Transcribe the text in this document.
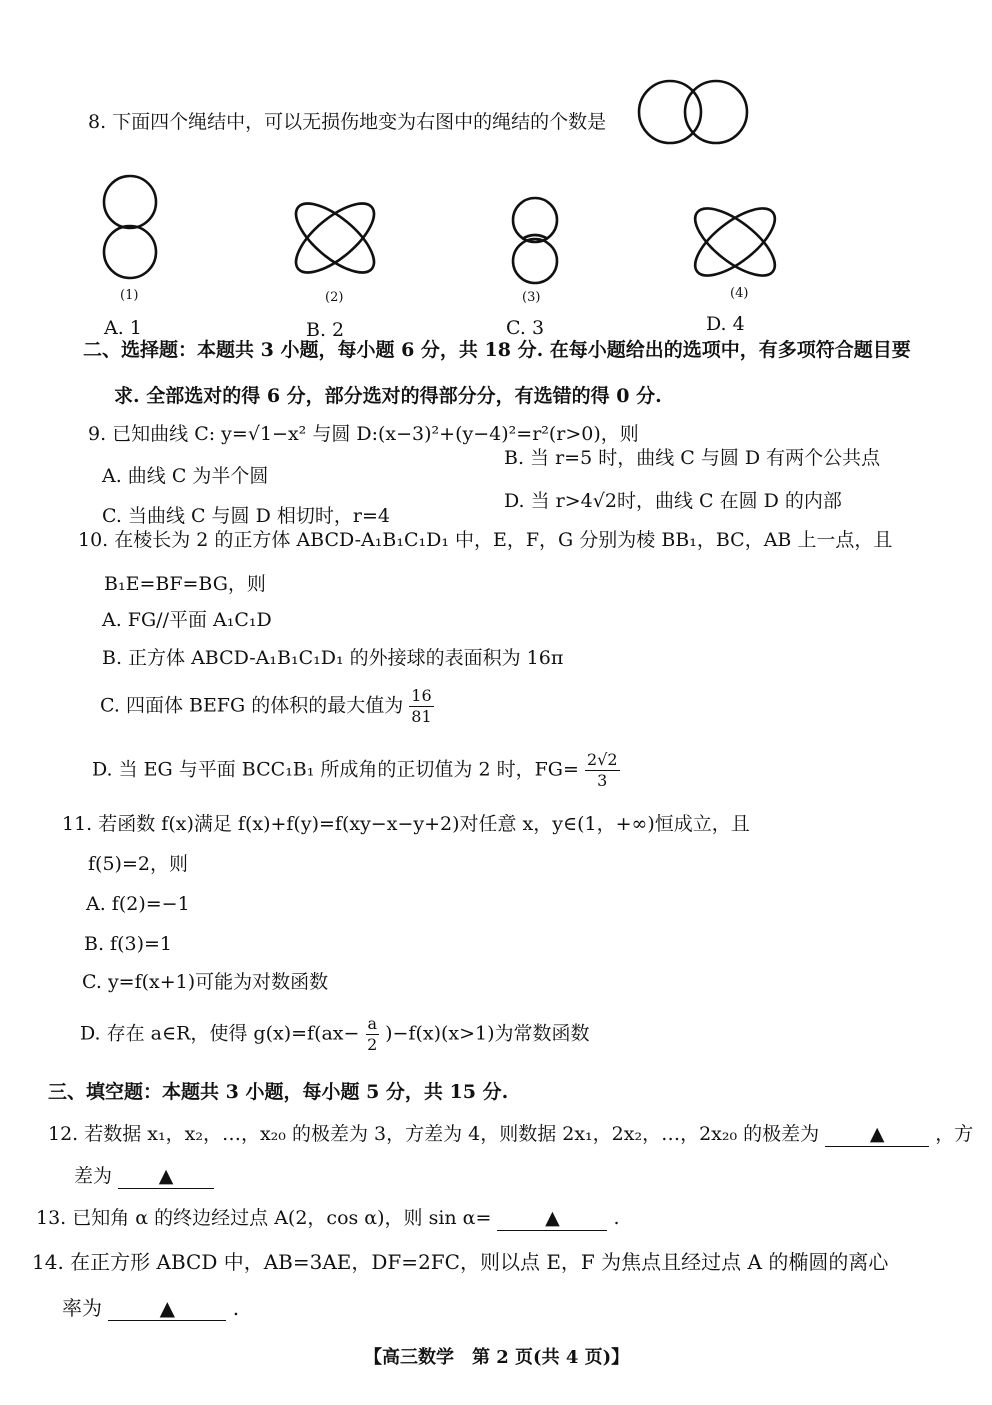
8. 下面四个绳结中，可以无损伤地变为右图中的绳结的个数是
(1)	(2)	(3)	(4)
A. 1	B. 2	C. 3	D. 4
二、选择题：本题共 3 小题，每小题 6 分，共 18 分. 在每小题给出的选项中，有多项符合题目要
求. 全部选对的得 6 分，部分选对的得部分分，有选错的得 0 分.
9. 已知曲线 C: y=√1−x² 与圆 D:(x−3)²+(y−4)²=r²(r>0)，则
A. 曲线 C 为半个圆
B. 当 r=5 时，曲线 C 与圆 D 有两个公共点
C. 当曲线 C 与圆 D 相切时，r=4
D. 当 r>4√2时，曲线 C 在圆 D 的内部
10. 在棱长为 2 的正方体 ABCD-A₁B₁C₁D₁ 中，E，F，G 分别为棱 BB₁，BC，AB 上一点，且
B₁E=BF=BG，则
A. FG//平面 A₁C₁D
B. 正方体 ABCD-A₁B₁C₁D₁ 的外接球的表面积为 16π
C. 四面体 BEFG 的体积的最大值为 $\frac{16}{81}$
D. 当 EG 与平面 BCC₁B₁ 所成角的正切值为 2 时，$FG= \frac{2√2}{3}$
11. 若函数 f(x)满足 f(x)+f(y)=f(xy−x−y+2)对任意 x，y∈(1，+∞)恒成立，且
f(5)=2，则
A. f(2)=−1
B. f(3)=1
C. y=f(x+1)可能为对数函数
D. 存在 a∈R，使得 $g(x)=f(ax- \frac{a}{2} )-f(x)(x>1)$为常数函数
三、填空题：本题共 3 小题，每小题 5 分，共 15 分.
12. 若数据 x₁，x₂，…，x₂₀ 的极差为 3，方差为 4，则数据 2x₁，2x₂，…，2x₂₀ 的极差为	▲	，方
差为 ▲
13. 已知角 α 的终边经过点 A(2，cos α)，则 sin α=	▲	.
14. 在正方形 ABCD 中，AB=3AE，DF=2FC，则以点 E，F 为焦点且经过点 A 的椭圆的离心
率为	▲	.
【高三数学　第 2 页(共 4 页)】
